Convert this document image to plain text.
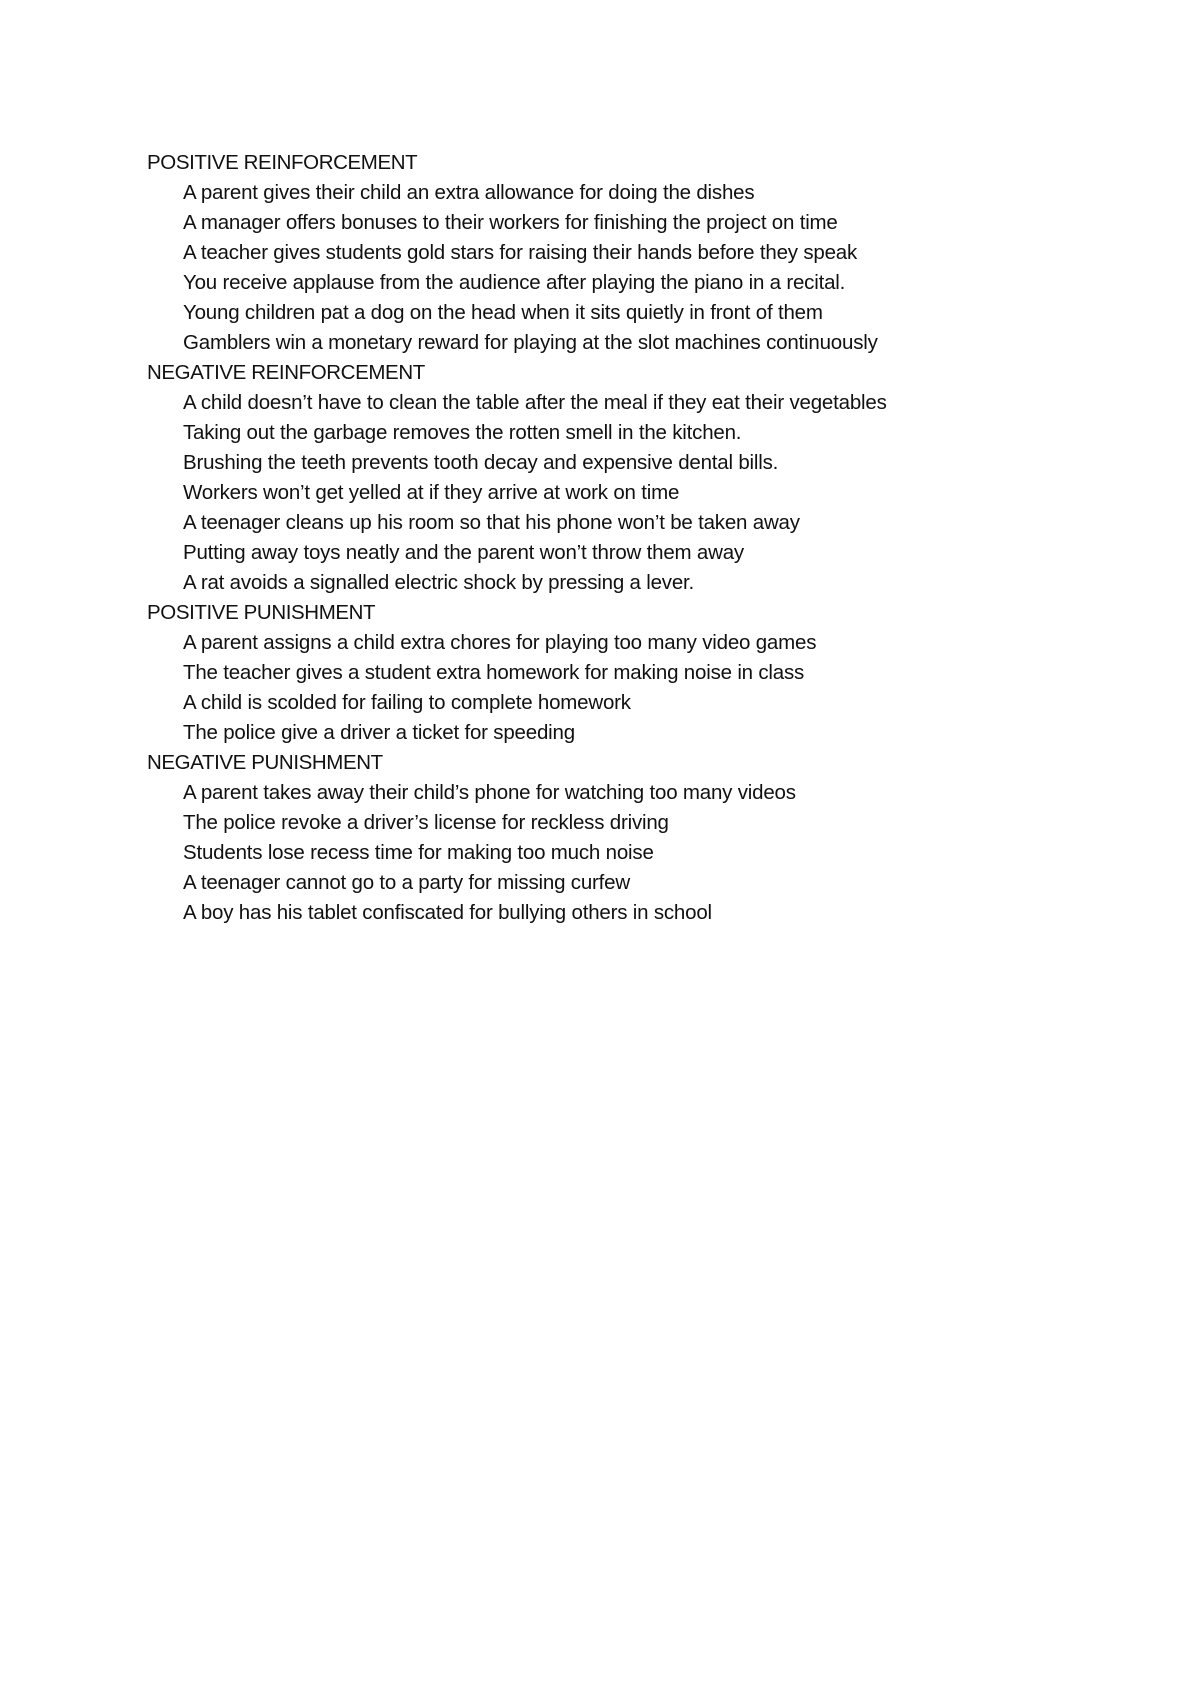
POSITIVE REINFORCEMENT
A parent gives their child an extra allowance for doing the dishes
A manager offers bonuses to their workers for finishing the project on time
A teacher gives students gold stars for raising their hands before they speak
You receive applause from the audience after playing the piano in a recital.
Young children pat a dog on the head when it sits quietly in front of them
Gamblers win a monetary reward for playing at the slot machines continuously
NEGATIVE REINFORCEMENT
A child doesn’t have to clean the table after the meal if they eat their vegetables
Taking out the garbage removes the rotten smell in the kitchen.
Brushing the teeth prevents tooth decay and expensive dental bills.
Workers won’t get yelled at if they arrive at work on time
A teenager cleans up his room so that his phone won’t be taken away
Putting away toys neatly and the parent won’t throw them away
A rat avoids a signalled electric shock by pressing a lever.
POSITIVE PUNISHMENT
A parent assigns a child extra chores for playing too many video games
The teacher gives a student extra homework for making noise in class
A child is scolded for failing to complete homework
The police give a driver a ticket for speeding
NEGATIVE PUNISHMENT
A parent takes away their child’s phone for watching too many videos
The police revoke a driver’s license for reckless driving
Students lose recess time for making too much noise
A teenager cannot go to a party for missing curfew
A boy has his tablet confiscated for bullying others in school
